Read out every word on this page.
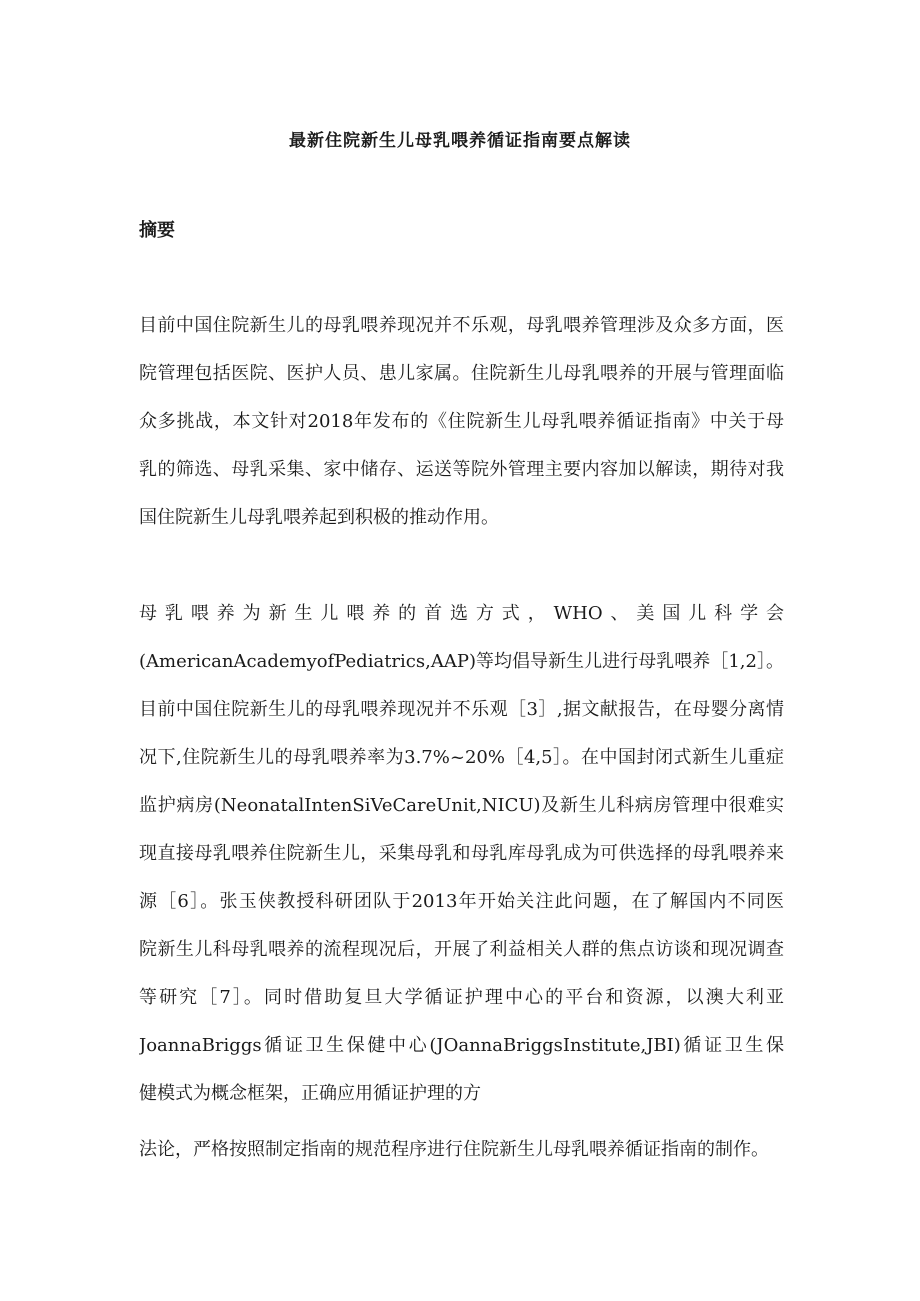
最新住院新生儿母乳喂养循证指南要点解读
摘要
目前中国住院新生儿的母乳喂养现况并不乐观，母乳喂养管理涉及众多方面，医
院管理包括医院、医护人员、患儿家属。住院新生儿母乳喂养的开展与管理面临
众多挑战，本文针对2018年发布的《住院新生儿母乳喂养循证指南》中关于母
乳的筛选、母乳采集、家中储存、运送等院外管理主要内容加以解读，期待对我
国住院新生儿母乳喂养起到积极的推动作用。
母乳喂养为新生儿喂养的首选方式，WHO、美国儿科学会
(AmericanAcademyofPediatrics,AAP)等均倡导新生儿进行母乳喂养［1,2］。
目前中国住院新生儿的母乳喂养现况并不乐观［3］,据文献报告，在母婴分离情
况下,住院新生儿的母乳喂养率为3.7%~20%［4,5］。在中国封闭式新生儿重症
监护病房(NeonatalIntenSiVeCareUnit,NICU)及新生儿科病房管理中很难实
现直接母乳喂养住院新生儿，采集母乳和母乳库母乳成为可供选择的母乳喂养来
源［6］。张玉侠教授科研团队于2013年开始关注此问题，在了解国内不同医
院新生儿科母乳喂养的流程现况后，开展了利益相关人群的焦点访谈和现况调查
等研究［7］。同时借助复旦大学循证护理中心的平台和资源，以澳大利亚
JoannaBriggs循证卫生保健中心(JOannaBriggsInstitute,JBI)循证卫生保
健模式为概念框架，正确应用循证护理的方

法论，严格按照制定指南的规范程序进行住院新生儿母乳喂养循证指南的制作。
